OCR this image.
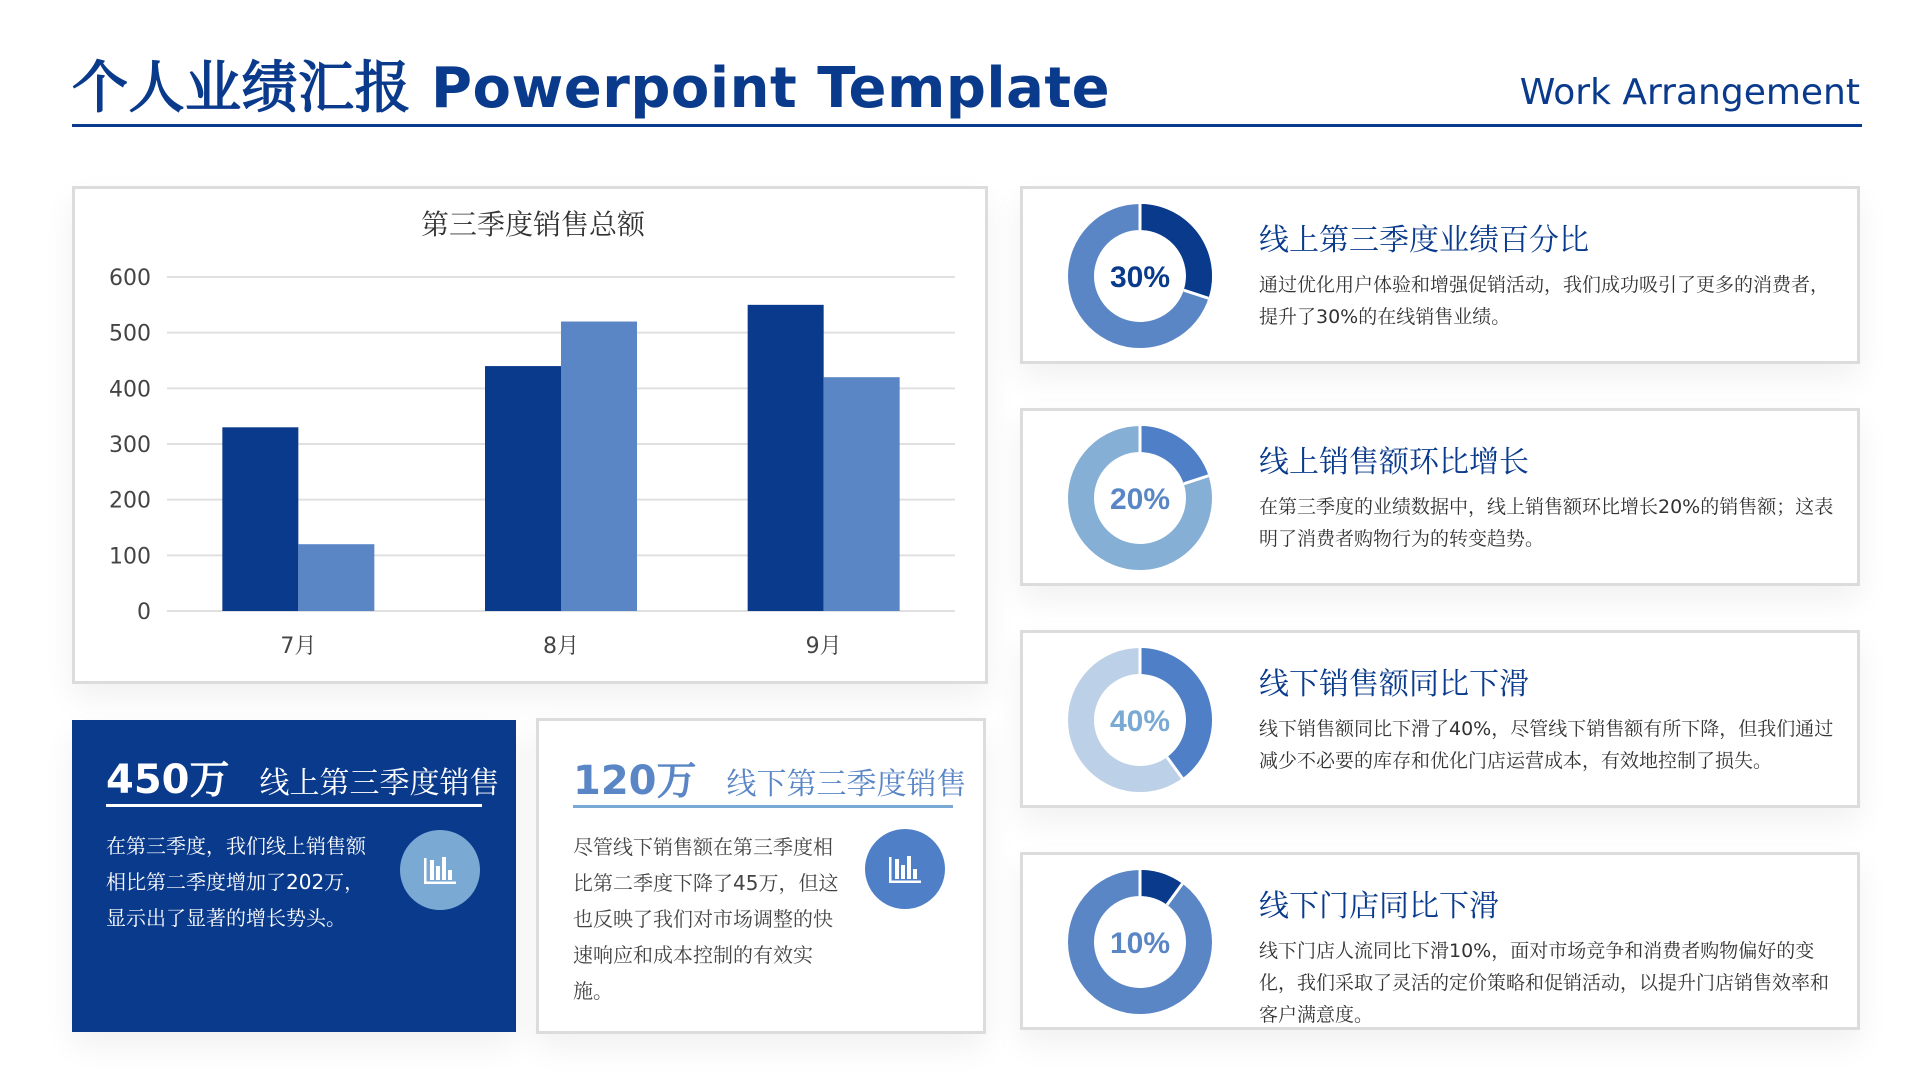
个人业绩汇报 Powerpoint Template	Work Arrangement
第三季度销售总额
0
100
200
300
400
500
600
7月	8月	9月
450万 线上第三季度销售
在第三季度，我们线上销售额相比第二季度增加了202万，显示出了显著的增长势头。
120万 线下第三季度销售
尽管线下销售额在第三季度相比第二季度下降了45万，但这也反映了我们对市场调整的快速响应和成本控制的有效实施。
30%
线上第三季度业绩百分比
通过优化用户体验和增强促销活动，我们成功吸引了更多的消费者，提升了30%的在线销售业绩。
20%
线上销售额环比增长
在第三季度的业绩数据中，线上销售额环比增长20%的销售额；这表明了消费者购物行为的转变趋势。
40%
线下销售额同比下滑
线下销售额同比下滑了40%，尽管线下销售额有所下降，但我们通过减少不必要的库存和优化门店运营成本，有效地控制了损失。
10%
线下门店同比下滑
线下门店人流同比下滑10%，面对市场竞争和消费者购物偏好的变化，我们采取了灵活的定价策略和促销活动，以提升门店销售效率和客户满意度。
